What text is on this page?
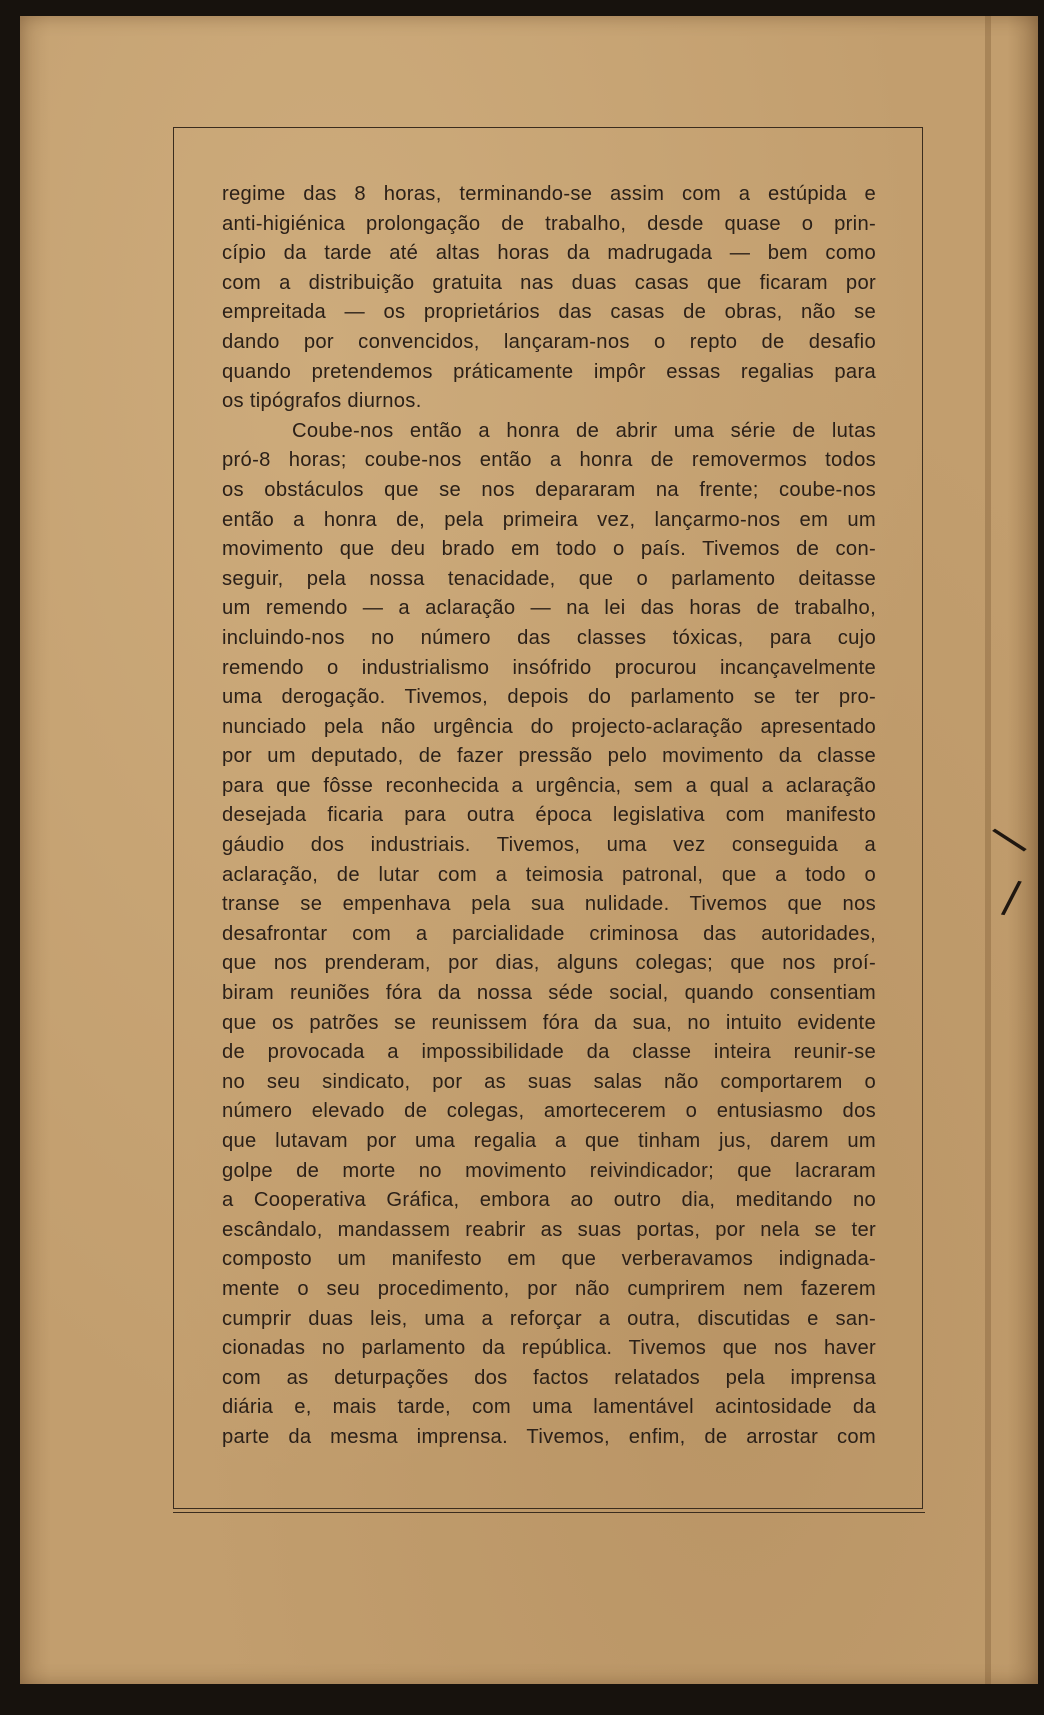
\
/
regime das 8 horas, terminando-se assim com a estúpida e
anti-higiénica prolongação de trabalho, desde quase o prin-
cípio da tarde até altas horas da madrugada — bem como
com a distribuição gratuita nas duas casas que ficaram por
empreitada — os proprietários das casas de obras, não se
dando por convencidos, lançaram-nos o repto de desafio
quando pretendemos práticamente impôr essas regalias para
os tipógrafos diurnos.
Coube-nos então a honra de abrir uma série de lutas
pró-8 horas; coube-nos então a honra de removermos todos
os obstáculos que se nos depararam na frente; coube-nos
então a honra de, pela primeira vez, lançarmo-nos em um
movimento que deu brado em todo o país. Tivemos de con-
seguir, pela nossa tenacidade, que o parlamento deitasse
um remendo — a aclaração — na lei das horas de trabalho,
incluindo-nos no número das classes tóxicas, para cujo
remendo o industrialismo insófrido procurou incançavelmente
uma derogação. Tivemos, depois do parlamento se ter pro-
nunciado pela não urgência do projecto-aclaração apresentado
por um deputado, de fazer pressão pelo movimento da classe
para que fôsse reconhecida a urgência, sem a qual a aclaração
desejada ficaria para outra época legislativa com manifesto
gáudio dos industriais. Tivemos, uma vez conseguida a
aclaração, de lutar com a teimosia patronal, que a todo o
transe se empenhava pela sua nulidade. Tivemos que nos
desafrontar com a parcialidade criminosa das autoridades,
que nos prenderam, por dias, alguns colegas; que nos proí-
biram reuniões fóra da nossa séde social, quando consentiam
que os patrões se reunissem fóra da sua, no intuito evidente
de provocada a impossibilidade da classe inteira reunir-se
no seu sindicato, por as suas salas não comportarem o
número elevado de colegas, amortecerem o entusiasmo dos
que lutavam por uma regalia a que tinham jus, darem um
golpe de morte no movimento reivindicador; que lacraram
a Cooperativa Gráfica, embora ao outro dia, meditando no
escândalo, mandassem reabrir as suas portas, por nela se ter
composto um manifesto em que verberavamos indignada-
mente o seu procedimento, por não cumprirem nem fazerem
cumprir duas leis, uma a reforçar a outra, discutidas e san-
cionadas no parlamento da república. Tivemos que nos haver
com as deturpações dos factos relatados pela imprensa
diária e, mais tarde, com uma lamentável acintosidade da
parte da mesma imprensa. Tivemos, enfim, de arrostar com
